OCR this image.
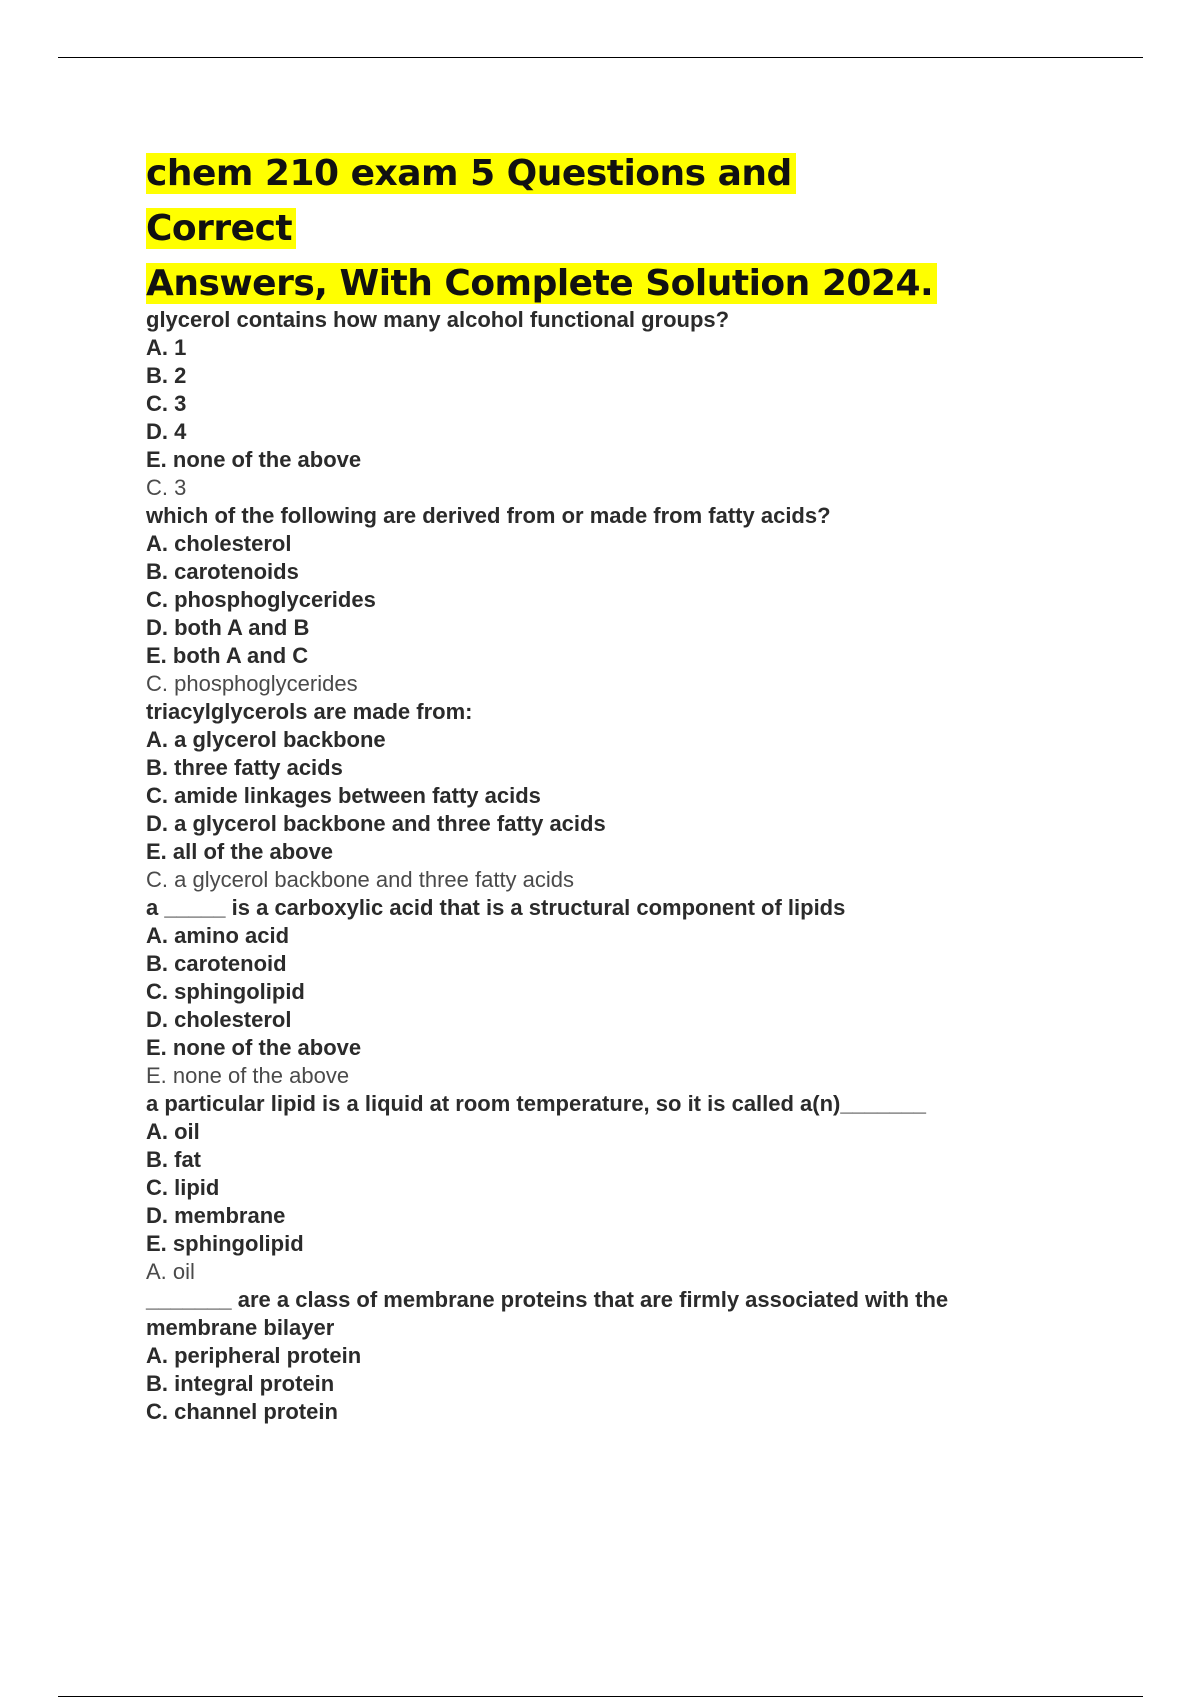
chem 210 exam 5 Questions and Correct
Answers, With Complete Solution 2024.
glycerol contains how many alcohol functional groups?
A. 1
B. 2
C. 3
D. 4
E. none of the above
C. 3
which of the following are derived from or made from fatty acids?
A. cholesterol
B. carotenoids
C. phosphoglycerides
D. both A and B
E. both A and C
C. phosphoglycerides
triacylglycerols are made from:
A. a glycerol backbone
B. three fatty acids
C. amide linkages between fatty acids
D. a glycerol backbone and three fatty acids
E. all of the above
C. a glycerol backbone and three fatty acids
a _____ is a carboxylic acid that is a structural component of lipids
A. amino acid
B. carotenoid
C. sphingolipid
D. cholesterol
E. none of the above
E. none of the above
a particular lipid is a liquid at room temperature, so it is called a(n)_______
A. oil
B. fat
C. lipid
D. membrane
E. sphingolipid
A. oil
_______ are a class of membrane proteins that are firmly associated with the membrane bilayer
A. peripheral protein
B. integral protein
C. channel protein
